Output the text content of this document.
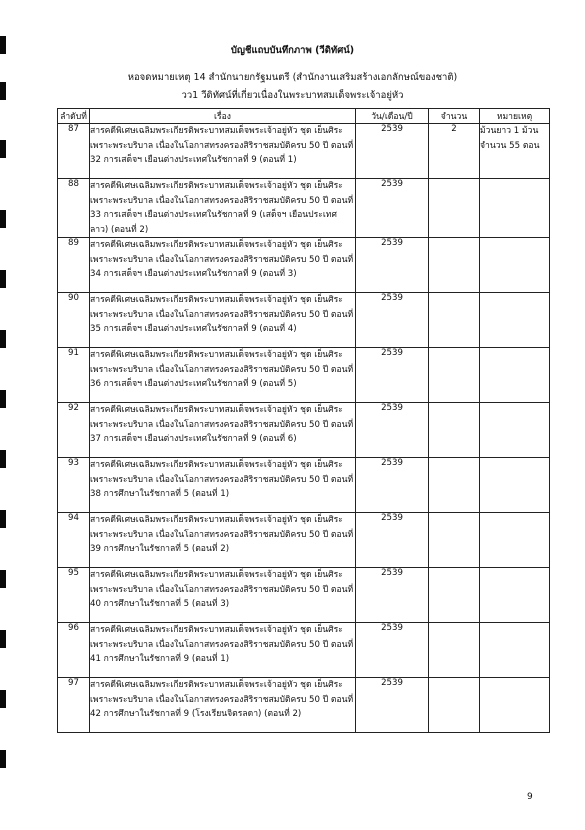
บัญชีแถบบันทึกภาพ (วีดิทัศน์)
หอจดหมายเหตุ 14 สำนักนายกรัฐมนตรี (สำนักงานเสริมสร้างเอกลักษณ์ของชาติ)
วว1 วีดิทัศน์ที่เกี่ยวเนื่องในพระบาทสมเด็จพระเจ้าอยู่หัว
ลำดับที่	เรื่อง	วัน/เดือน/ปี	จำนวน	หมายเหตุ
87	สารคดีพิเศษเฉลิมพระเกียรติพระบาทสมเด็จพระเจ้าอยู่หัว ชุด เย็นศิระเพราะพระบริบาล เนื่องในโอกาสทรงครองสิริราชสมบัติครบ 50 ปี ตอนที่ 32 การเสด็จฯ เยือนต่างประเทศในรัชกาลที่ 9 (ตอนที่ 1)	2539	2	ม้วนยาว 1 ม้วน จำนวน 55 ตอน
88	สารคดีพิเศษเฉลิมพระเกียรติพระบาทสมเด็จพระเจ้าอยู่หัว ชุด เย็นศิระเพราะพระบริบาล เนื่องในโอกาสทรงครองสิริราชสมบัติครบ 50 ปี ตอนที่ 33 การเสด็จฯ เยือนต่างประเทศในรัชกาลที่ 9 (เสด็จฯ เยือนประเทศลาว) (ตอนที่ 2)	2539		
89	สารคดีพิเศษเฉลิมพระเกียรติพระบาทสมเด็จพระเจ้าอยู่หัว ชุด เย็นศิระเพราะพระบริบาล เนื่องในโอกาสทรงครองสิริราชสมบัติครบ 50 ปี ตอนที่ 34 การเสด็จฯ เยือนต่างประเทศในรัชกาลที่ 9 (ตอนที่ 3)	2539		
90	สารคดีพิเศษเฉลิมพระเกียรติพระบาทสมเด็จพระเจ้าอยู่หัว ชุด เย็นศิระเพราะพระบริบาล เนื่องในโอกาสทรงครองสิริราชสมบัติครบ 50 ปี ตอนที่ 35 การเสด็จฯ เยือนต่างประเทศในรัชกาลที่ 9 (ตอนที่ 4)	2539		
91	สารคดีพิเศษเฉลิมพระเกียรติพระบาทสมเด็จพระเจ้าอยู่หัว ชุด เย็นศิระเพราะพระบริบาล เนื่องในโอกาสทรงครองสิริราชสมบัติครบ 50 ปี ตอนที่ 36 การเสด็จฯ เยือนต่างประเทศในรัชกาลที่ 9 (ตอนที่ 5)	2539		
92	สารคดีพิเศษเฉลิมพระเกียรติพระบาทสมเด็จพระเจ้าอยู่หัว ชุด เย็นศิระเพราะพระบริบาล เนื่องในโอกาสทรงครองสิริราชสมบัติครบ 50 ปี ตอนที่ 37 การเสด็จฯ เยือนต่างประเทศในรัชกาลที่ 9 (ตอนที่ 6)	2539		
93	สารคดีพิเศษเฉลิมพระเกียรติพระบาทสมเด็จพระเจ้าอยู่หัว ชุด เย็นศิระเพราะพระบริบาล เนื่องในโอกาสทรงครองสิริราชสมบัติครบ 50 ปี ตอนที่ 38 การศึกษาในรัชกาลที่ 5 (ตอนที่ 1)	2539		
94	สารคดีพิเศษเฉลิมพระเกียรติพระบาทสมเด็จพระเจ้าอยู่หัว ชุด เย็นศิระเพราะพระบริบาล เนื่องในโอกาสทรงครองสิริราชสมบัติครบ 50 ปี ตอนที่ 39 การศึกษาในรัชกาลที่ 5 (ตอนที่ 2)	2539		
95	สารคดีพิเศษเฉลิมพระเกียรติพระบาทสมเด็จพระเจ้าอยู่หัว ชุด เย็นศิระเพราะพระบริบาล เนื่องในโอกาสทรงครองสิริราชสมบัติครบ 50 ปี ตอนที่ 40 การศึกษาในรัชกาลที่ 5 (ตอนที่ 3)	2539		
96	สารคดีพิเศษเฉลิมพระเกียรติพระบาทสมเด็จพระเจ้าอยู่หัว ชุด เย็นศิระเพราะพระบริบาล เนื่องในโอกาสทรงครองสิริราชสมบัติครบ 50 ปี ตอนที่ 41 การศึกษาในรัชกาลที่ 9 (ตอนที่ 1)	2539		
97	สารคดีพิเศษเฉลิมพระเกียรติพระบาทสมเด็จพระเจ้าอยู่หัว ชุด เย็นศิระเพราะพระบริบาล เนื่องในโอกาสทรงครองสิริราชสมบัติครบ 50 ปี ตอนที่ 42 การศึกษาในรัชกาลที่ 9 (โรงเรียนจิตรลดา) (ตอนที่ 2)	2539		
9
